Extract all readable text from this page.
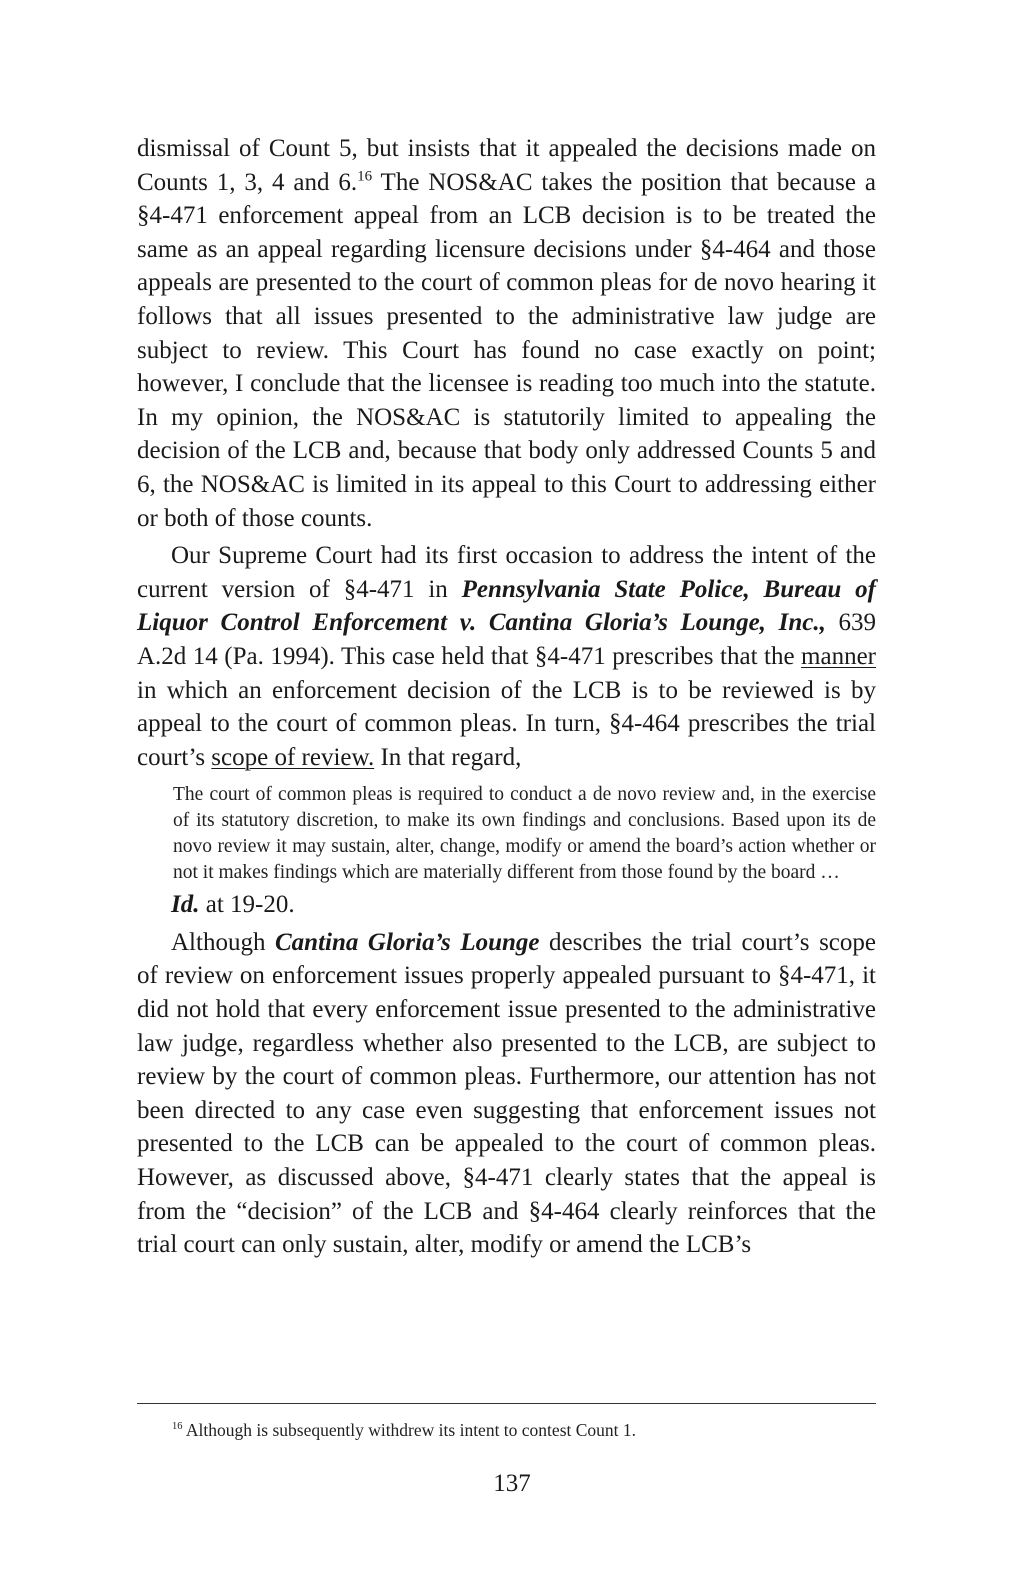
dismissal of Count 5, but insists that it appealed the decisions made on Counts 1, 3, 4 and 6.16 The NOS&AC takes the position that because a §4-471 enforcement appeal from an LCB decision is to be treated the same as an appeal regarding licensure decisions under §4-464 and those appeals are presented to the court of common pleas for de novo hearing it follows that all issues presented to the administrative law judge are subject to review. This Court has found no case exactly on point; however, I conclude that the licensee is reading too much into the statute. In my opinion, the NOS&AC is statutorily limited to appealing the decision of the LCB and, because that body only addressed Counts 5 and 6, the NOS&AC is limited in its appeal to this Court to addressing either or both of those counts.

Our Supreme Court had its first occasion to address the intent of the current version of §4-471 in Pennsylvania State Police, Bureau of Liquor Control Enforcement v. Cantina Gloria’s Lounge, Inc., 639 A.2d 14 (Pa. 1994). This case held that §4-471 prescribes that the manner in which an enforcement decision of the LCB is to be reviewed is by appeal to the court of common pleas. In turn, §4-464 prescribes the trial court’s scope of review. In that regard,

The court of common pleas is required to conduct a de novo review and, in the exercise of its statutory discretion, to make its own findings and conclusions. Based upon its de novo review it may sustain, alter, change, modify or amend the board’s action whether or not it makes findings which are materially different from those found by the board …

Id. at 19-20.

Although Cantina Gloria’s Lounge describes the trial court’s scope of review on enforcement issues properly appealed pursuant to §4-471, it did not hold that every enforcement issue presented to the administrative law judge, regardless whether also presented to the LCB, are subject to review by the court of common pleas. Furthermore, our attention has not been directed to any case even suggesting that enforcement issues not presented to the LCB can be appealed to the court of common pleas. However, as discussed above, §4-471 clearly states that the appeal is from the “decision” of the LCB and §4-464 clearly reinforces that the trial court can only sustain, alter, modify or amend the LCB’s

$^{16}$ Although is subsequently withdrew its intent to contest Count 1.

137
